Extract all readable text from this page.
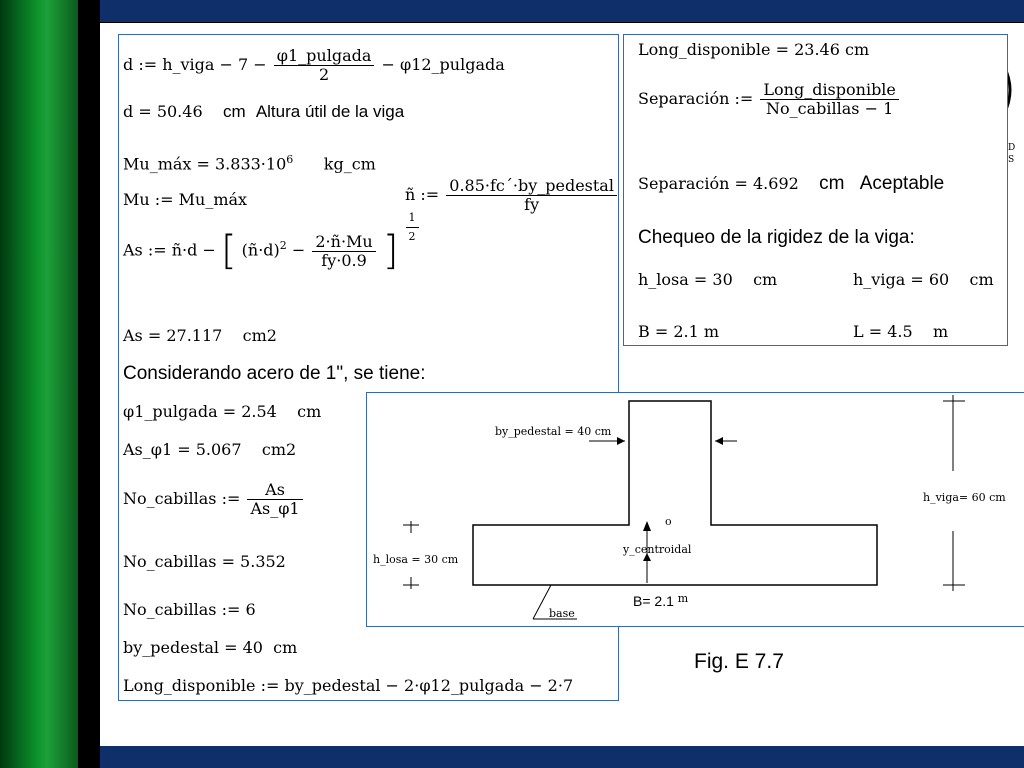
D
S
d := h_viga − $7 - \frac{\text{φ1\_pulgada}}{2}$ − φ12_pulgada
d = 50.46 cm Altura útil de la viga
Mu_máx = $3.833\cdot 10^6$ kg_cm
Mu := Mu_máx	ñ := $\frac{\text{0.85·fc´·by\_pedestal}}{fy}$
As := ñ·d − [ (ñ·d)$^2$ − $\frac{2\cdot ñ\cdot Mu}{fy\cdot 0.9}$ ]
$\frac{1}{2}$
As = 27.117 cm2
Considerando acero de 1", se tiene:
φ1_pulgada = 2.54 cm
As_φ1 = 5.067 cm2
No_cabillas := $\frac{As}{As\_\varphi 1}$
No_cabillas = 5.352
No_cabillas := 6
by_pedestal = 40 cm
Long_disponible := by_pedestal − 2·φ12_pulgada − 2·7
Long_disponible = 23.46 cm
Separación := $\frac{\text{Long\_disponible}}{\text{No\_cabillas − 1}}$
Separación = 4.692 cm Aceptable
Chequeo de la rigidez de la viga:
h_losa = 30 cm	h_viga = 60 cm
B = 2.1 m	L = 4.5 m
by_pedestal = 40 cm
o
y_centroidal
h_losa = 30 cm
h_viga= 60 cm
B= 2.1 $^m$
base
Fig. E 7.7
